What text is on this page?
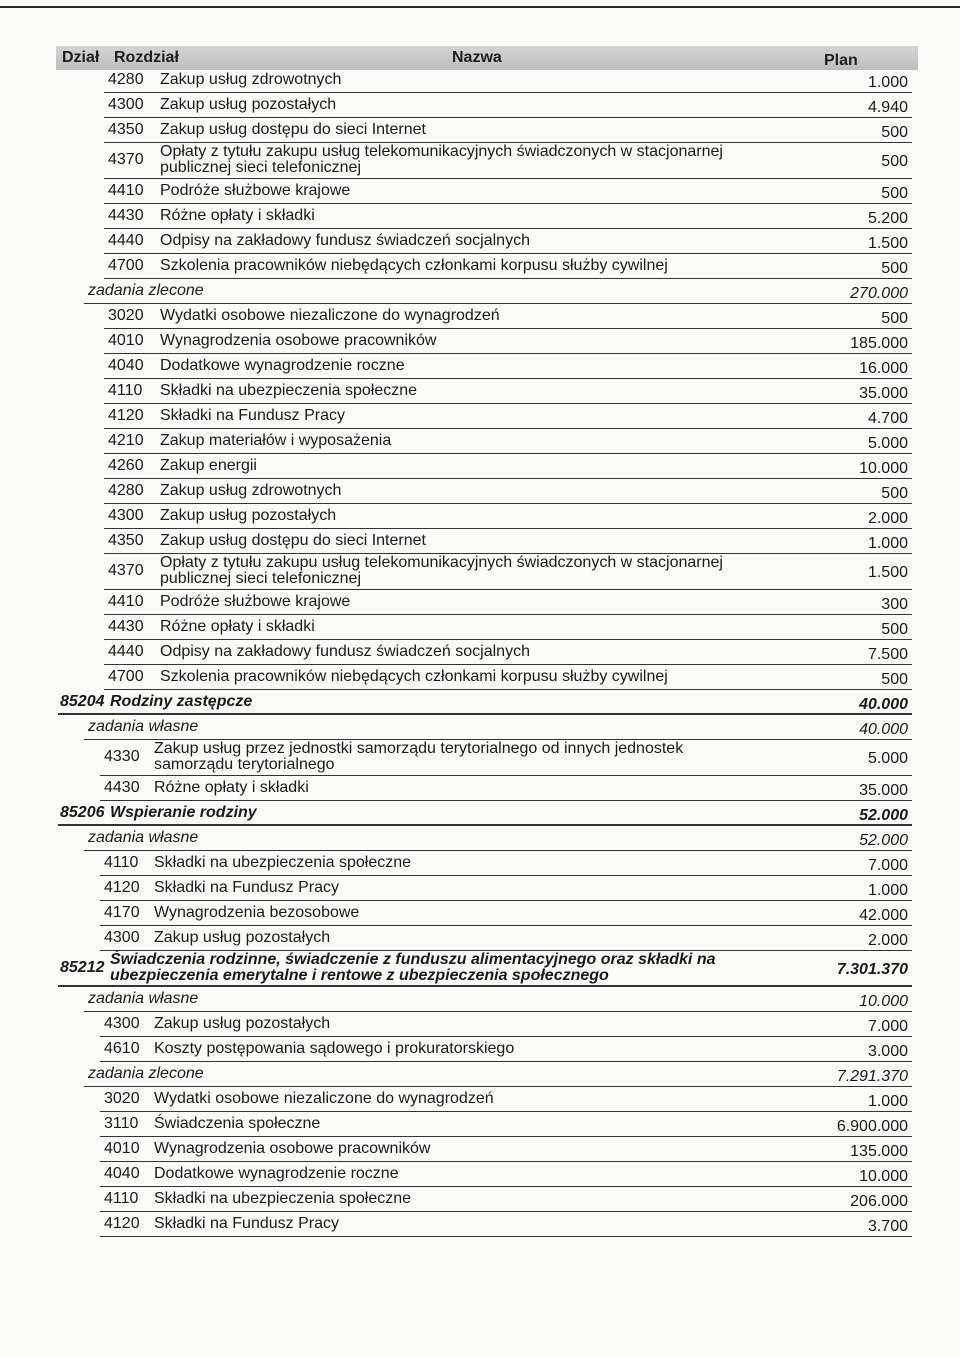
Dział Rozdział	Nazwa	Plan
4280 Zakup usług zdrowotnych	1.000
4300 Zakup usług pozostałych	4.940
4350 Zakup usług dostępu do sieci Internet	500
4370 Opłaty z tytułu zakupu usług telekomunikacyjnych świadczonych w stacjonarnej
publicznej sieci telefonicznej	500
4410 Podróże służbowe krajowe	500
4430 Różne opłaty i składki	5.200
4440 Odpisy na zakładowy fundusz świadczeń socjalnych	1.500
4700 Szkolenia pracowników niebędących członkami korpusu służby cywilnej	500
zadania zlecone	270.000
3020 Wydatki osobowe niezaliczone do wynagrodzeń	500
4010 Wynagrodzenia osobowe pracowników	185.000
4040 Dodatkowe wynagrodzenie roczne	16.000
4110 Składki na ubezpieczenia społeczne	35.000
4120 Składki na Fundusz Pracy	4.700
4210 Zakup materiałów i wyposażenia	5.000
4260 Zakup energii	10.000
4280 Zakup usług zdrowotnych	500
4300 Zakup usług pozostałych	2.000
4350 Zakup usług dostępu do sieci Internet	1.000
4370 Opłaty z tytułu zakupu usług telekomunikacyjnych świadczonych w stacjonarnej
publicznej sieci telefonicznej	1.500
4410 Podróże służbowe krajowe	300
4430 Różne opłaty i składki	500
4440 Odpisy na zakładowy fundusz świadczeń socjalnych	7.500
4700 Szkolenia pracowników niebędących członkami korpusu służby cywilnej	500
85204 Rodziny zastępcze	40.000
zadania własne	40.000
4330 Zakup usług przez jednostki samorządu terytorialnego od innych jednostek
samorządu terytorialnego	5.000
4430 Różne opłaty i składki	35.000
85206 Wspieranie rodziny	52.000
zadania własne	52.000
4110 Składki na ubezpieczenia społeczne	7.000
4120 Składki na Fundusz Pracy	1.000
4170 Wynagrodzenia bezosobowe	42.000
4300 Zakup usług pozostałych	2.000
85212 Świadczenia rodzinne, świadczenie z funduszu alimentacyjnego oraz składki na
ubezpieczenia emerytalne i rentowe z ubezpieczenia społecznego	7.301.370
zadania własne	10.000
4300 Zakup usług pozostałych	7.000
4610 Koszty postępowania sądowego i prokuratorskiego	3.000
zadania zlecone	7.291.370
3020 Wydatki osobowe niezaliczone do wynagrodzeń	1.000
3110 Świadczenia społeczne	6.900.000
4010 Wynagrodzenia osobowe pracowników	135.000
4040 Dodatkowe wynagrodzenie roczne	10.000
4110 Składki na ubezpieczenia społeczne	206.000
4120 Składki na Fundusz Pracy	3.700
